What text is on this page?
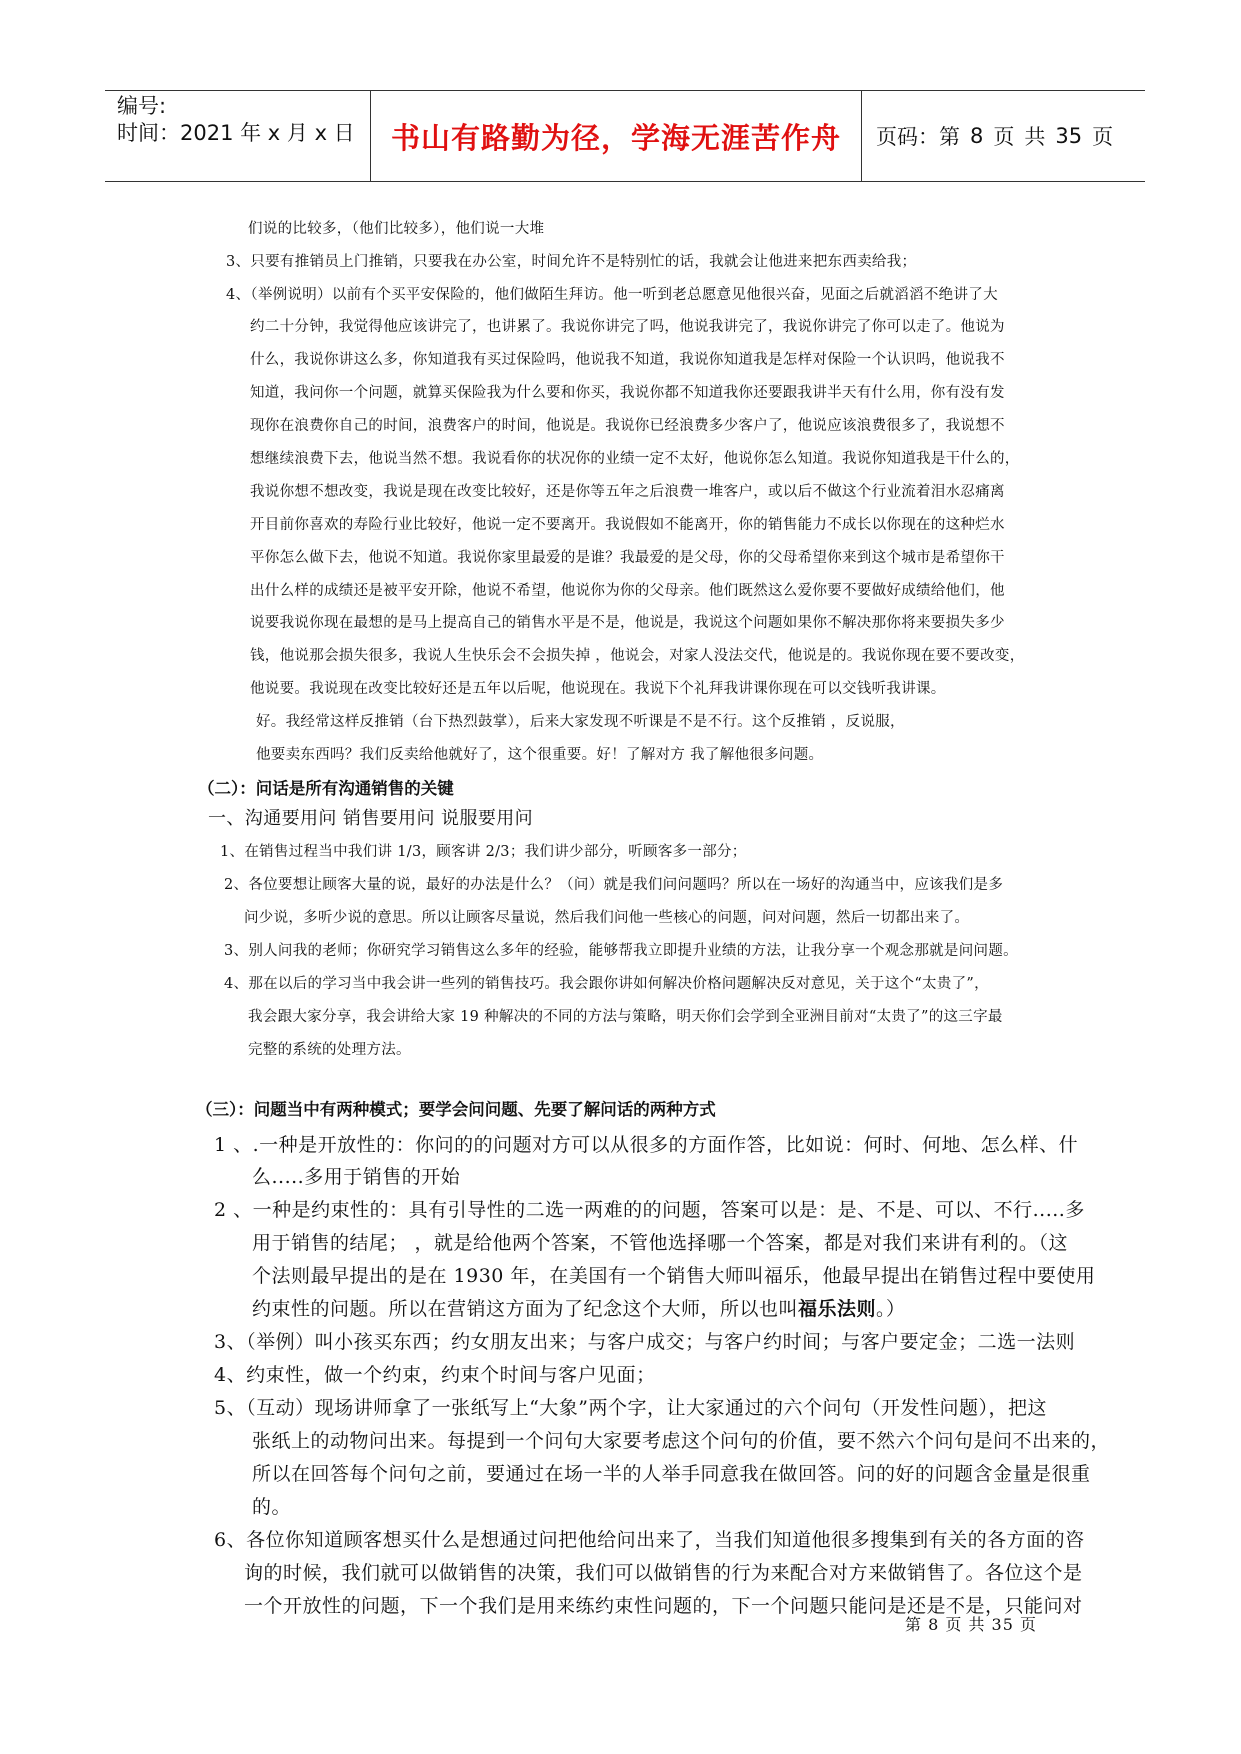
编号:
时间：2021 年 x 月 x 日	书山有路勤为径，学海无涯苦作舟 页码：第 8 页 共 35 页
们说的比较多，（他们比较多），他们说一大堆
3、只要有推销员上门推销，只要我在办公室，时间允许不是特别忙的话，我就会让他进来把东西卖给我；
4、（举例说明）以前有个买平安保险的，他们做陌生拜访。他一听到老总愿意见他很兴奋，见面之后就滔滔不绝讲了大
约二十分钟，我觉得他应该讲完了，也讲累了。我说你讲完了吗，他说我讲完了，我说你讲完了你可以走了。他说为
什么，我说你讲这么多，你知道我有买过保险吗，他说我不知道，我说你知道我是怎样对保险一个认识吗，他说我不
知道，我问你一个问题，就算买保险我为什么要和你买，我说你都不知道我你还要跟我讲半天有什么用，你有没有发
现你在浪费你自己的时间，浪费客户的时间，他说是。我说你已经浪费多少客户了，他说应该浪费很多了，我说想不
想继续浪费下去，他说当然不想。我说看你的状况你的业绩一定不太好，他说你怎么知道。我说你知道我是干什么的，
我说你想不想改变，我说是现在改变比较好，还是你等五年之后浪费一堆客户，或以后不做这个行业流着泪水忍痛离
开目前你喜欢的寿险行业比较好，他说一定不要离开。我说假如不能离开，你的销售能力不成长以你现在的这种烂水
平你怎么做下去，他说不知道。我说你家里最爱的是谁？我最爱的是父母，你的父母希望你来到这个城市是希望你干
出什么样的成绩还是被平安开除，他说不希望，他说你为你的父母亲。他们既然这么爱你要不要做好成绩给他们，他
说要我说你现在最想的是马上提高自己的销售水平是不是，他说是，我说这个问题如果你不解决那你将来要损失多少
钱，他说那会损失很多，我说人生快乐会不会损失掉 ，他说会，对家人没法交代，他说是的。我说你现在要不要改变，
他说要。我说现在改变比较好还是五年以后呢，他说现在。我说下个礼拜我讲课你现在可以交钱听我讲课。
好。我经常这样反推销（台下热烈鼓掌），后来大家发现不听课是不是不行。这个反推销 ，反说服，
他要卖东西吗？我们反卖给他就好了，这个很重要。好！了解对方 我了解他很多问题。
（二）：问话是所有沟通销售的关键
一、沟通要用问 销售要用问 说服要用问
1、在销售过程当中我们讲 1/3，顾客讲 2/3；我们讲少部分，听顾客多一部分；
2、各位要想让顾客大量的说，最好的办法是什么？（问）就是我们问问题吗？所以在一场好的沟通当中，应该我们是多
问少说，多听少说的意思。所以让顾客尽量说，然后我们问他一些核心的问题，问对问题，然后一切都出来了。
3、别人问我的老师；你研究学习销售这么多年的经验，能够帮我立即提升业绩的方法，让我分享一个观念那就是问问题。
4、那在以后的学习当中我会讲一些列的销售技巧。我会跟你讲如何解决价格问题解决反对意见，关于这个“太贵了”，
我会跟大家分享，我会讲给大家 19 种解决的不同的方法与策略，明天你们会学到全亚洲目前对“太贵了”的这三字最
完整的系统的处理方法。
（三）：问题当中有两种模式；要学会问问题、先要了解问话的两种方式
1 、.一种是开放性的：你问的的问题对方可以从很多的方面作答，比如说：何时、何地、怎么样、什
么.....多用于销售的开始
2 、一种是约束性的：具有引导性的二选一两难的的问题，答案可以是：是、不是、可以、不行.....多
用于销售的结尾； ，就是给他两个答案，不管他选择哪一个答案，都是对我们来讲有利的。（这
个法则最早提出的是在 1930 年，在美国有一个销售大师叫福乐，他最早提出在销售过程中要使用
约束性的问题。所以在营销这方面为了纪念这个大师，所以也叫福乐法则。）
3、（举例）叫小孩买东西；约女朋友出来；与客户成交；与客户约时间；与客户要定金；二选一法则
4、约束性，做一个约束，约束个时间与客户见面；
5、（互动）现场讲师拿了一张纸写上“大象”两个字，让大家通过的六个问句（开发性问题），把这
张纸上的动物问出来。每提到一个问句大家要考虑这个问句的价值，要不然六个问句是问不出来的，
所以在回答每个问句之前，要通过在场一半的人举手同意我在做回答。问的好的问题含金量是很重
的。
6、各位你知道顾客想买什么是想通过问把他给问出来了，当我们知道他很多搜集到有关的各方面的咨
询的时候，我们就可以做销售的决策，我们可以做销售的行为来配合对方来做销售了。各位这个是
一个开放性的问题，下一个我们是用来练约束性问题的，下一个问题只能问是还是不是，只能问对
第 8 页 共 35 页
